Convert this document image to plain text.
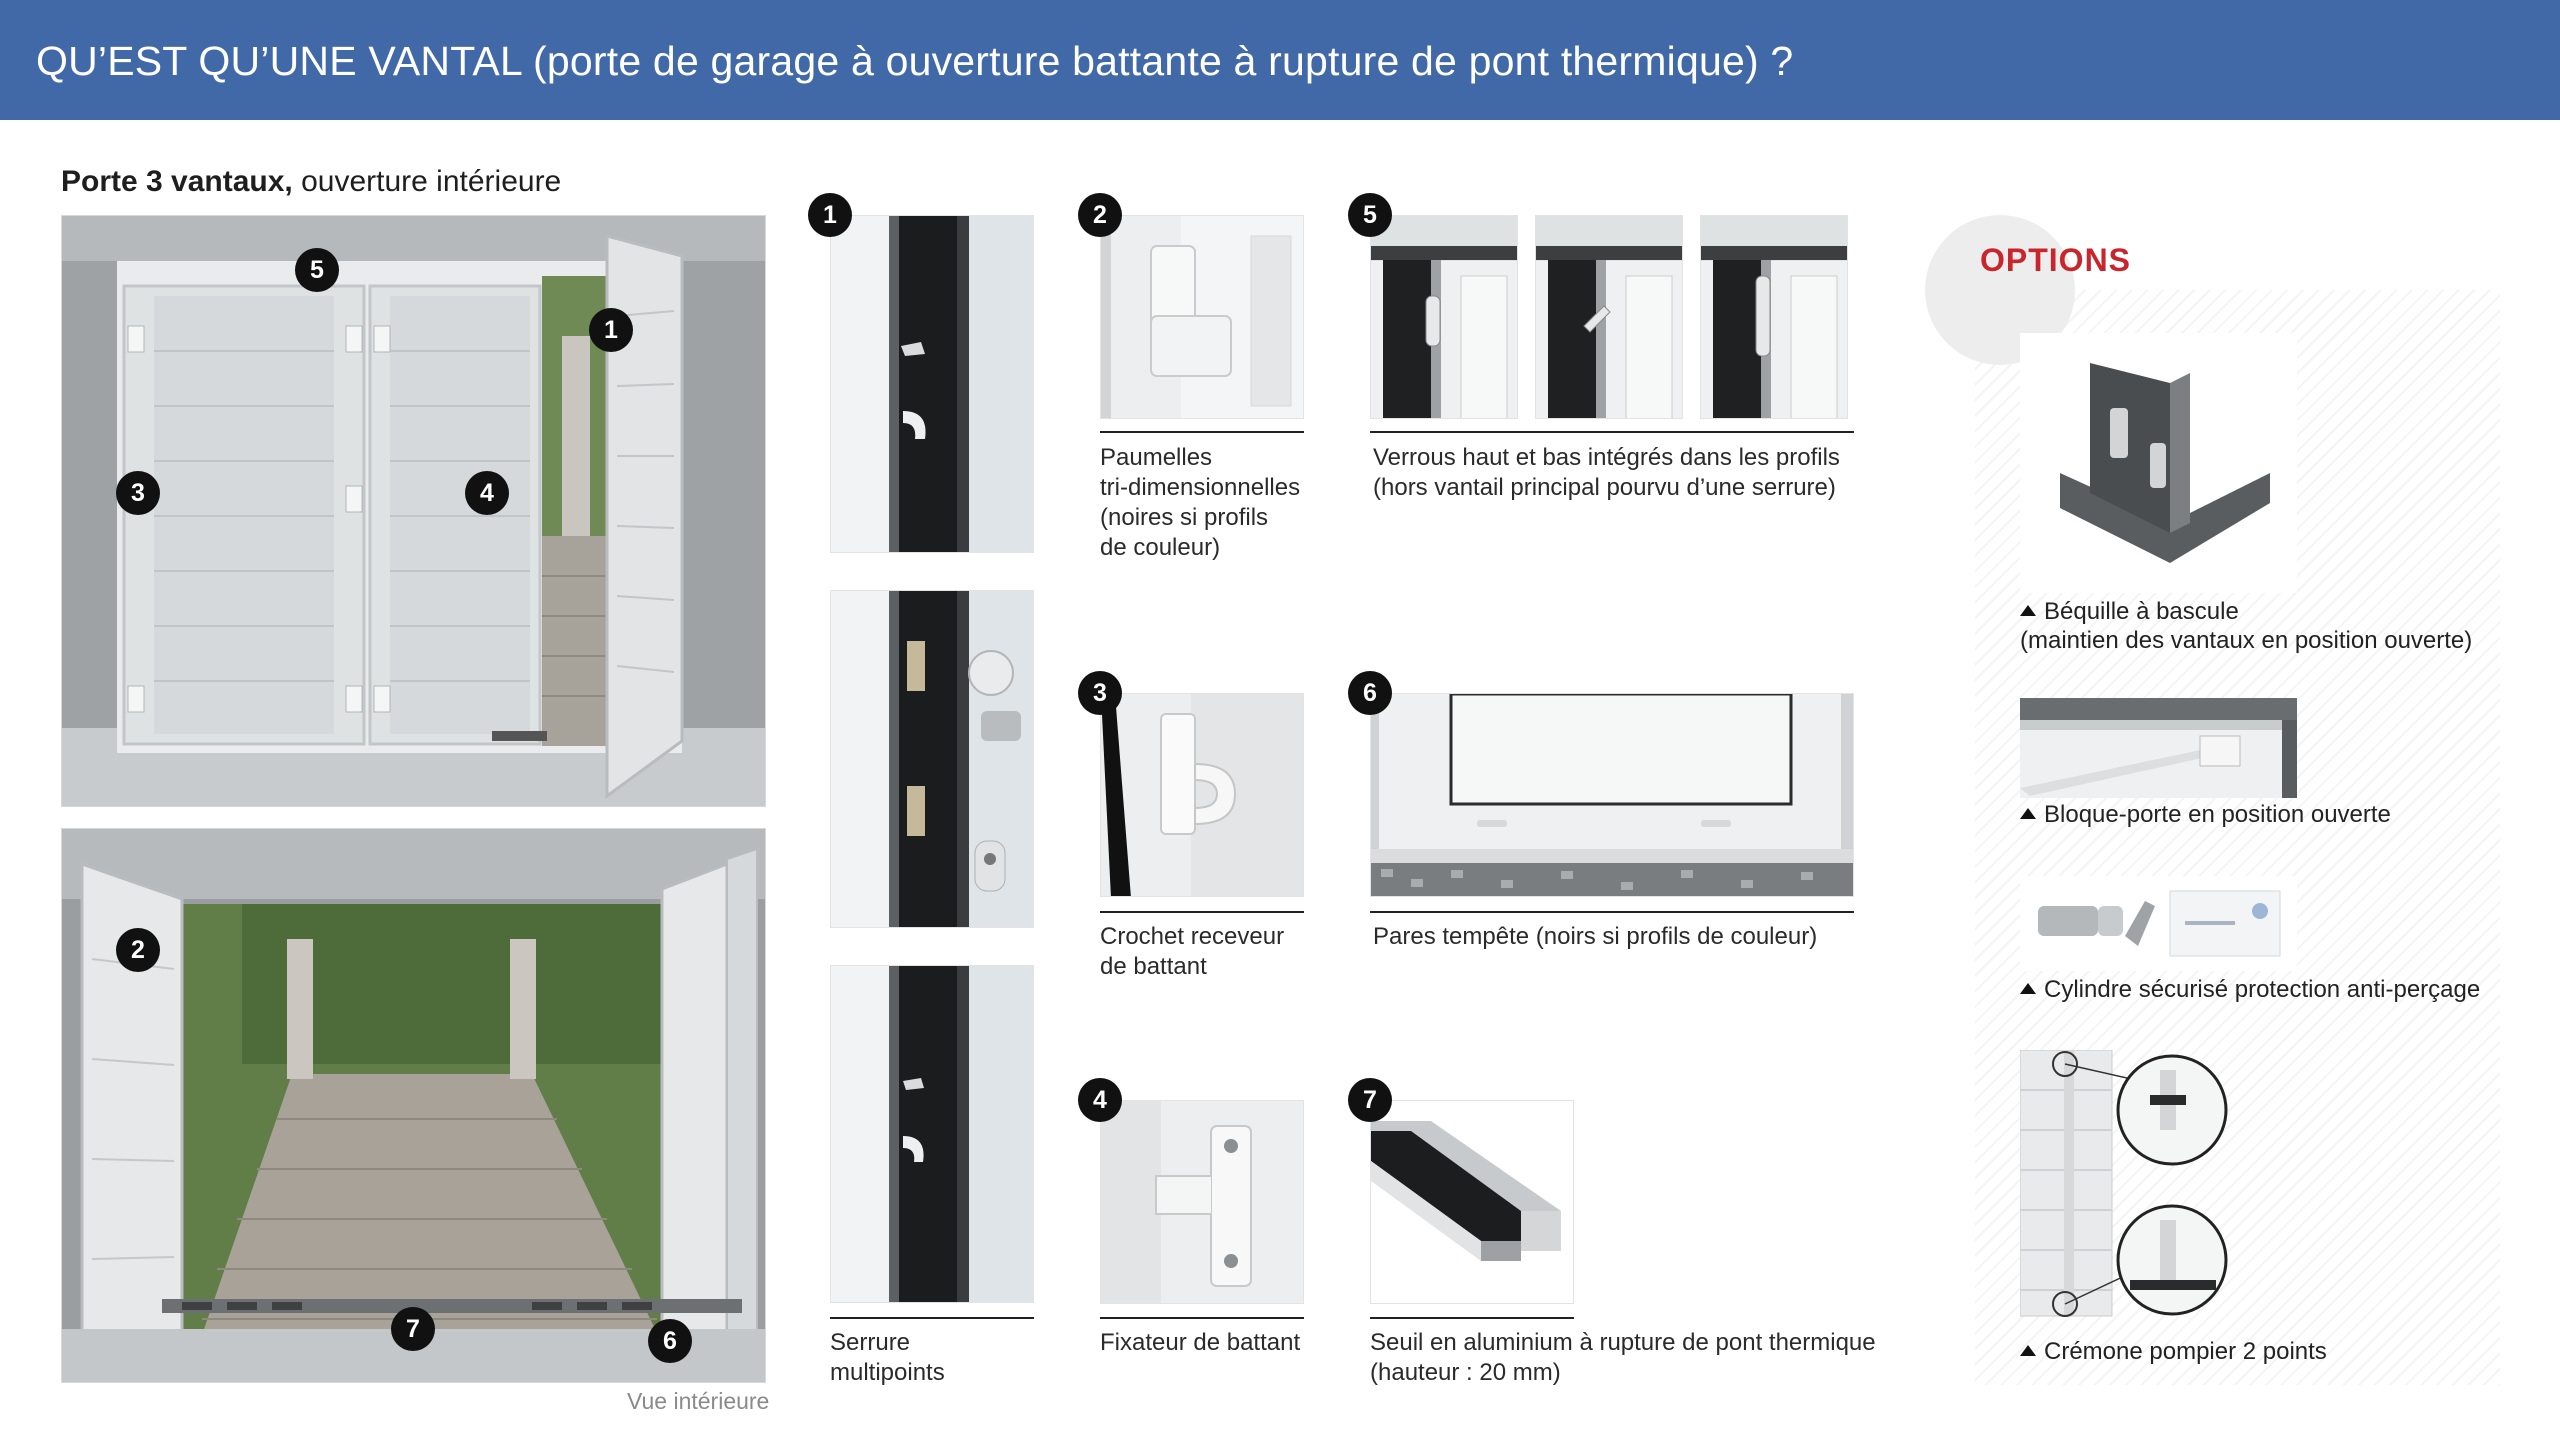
QU’EST QU’UNE VANTAL (porte de garage à ouverture battante à rupture de pont thermique) ?
Porte 3 vantaux, ouverture intérieure
5
1
3	4
2
7	6
Vue intérieure
1
Serrure
multipoints
2
Paumelles
tri-dimensionnelles
(noires si profils
de couleur)
3
Crochet receveur
de battant
4
Fixateur de battant
5
Verrous haut et bas intégrés dans les profils
(hors vantail principal pourvu d’une serrure)
6
Pares tempête (noirs si profils de couleur)
7
Seuil en aluminium à rupture de pont thermique
(hauteur : 20 mm)
OPTIONS
Béquille à bascule
(maintien des vantaux en position ouverte)
Bloque-porte en position ouverte
Cylindre sécurisé protection anti-perçage
Crémone pompier 2 points
